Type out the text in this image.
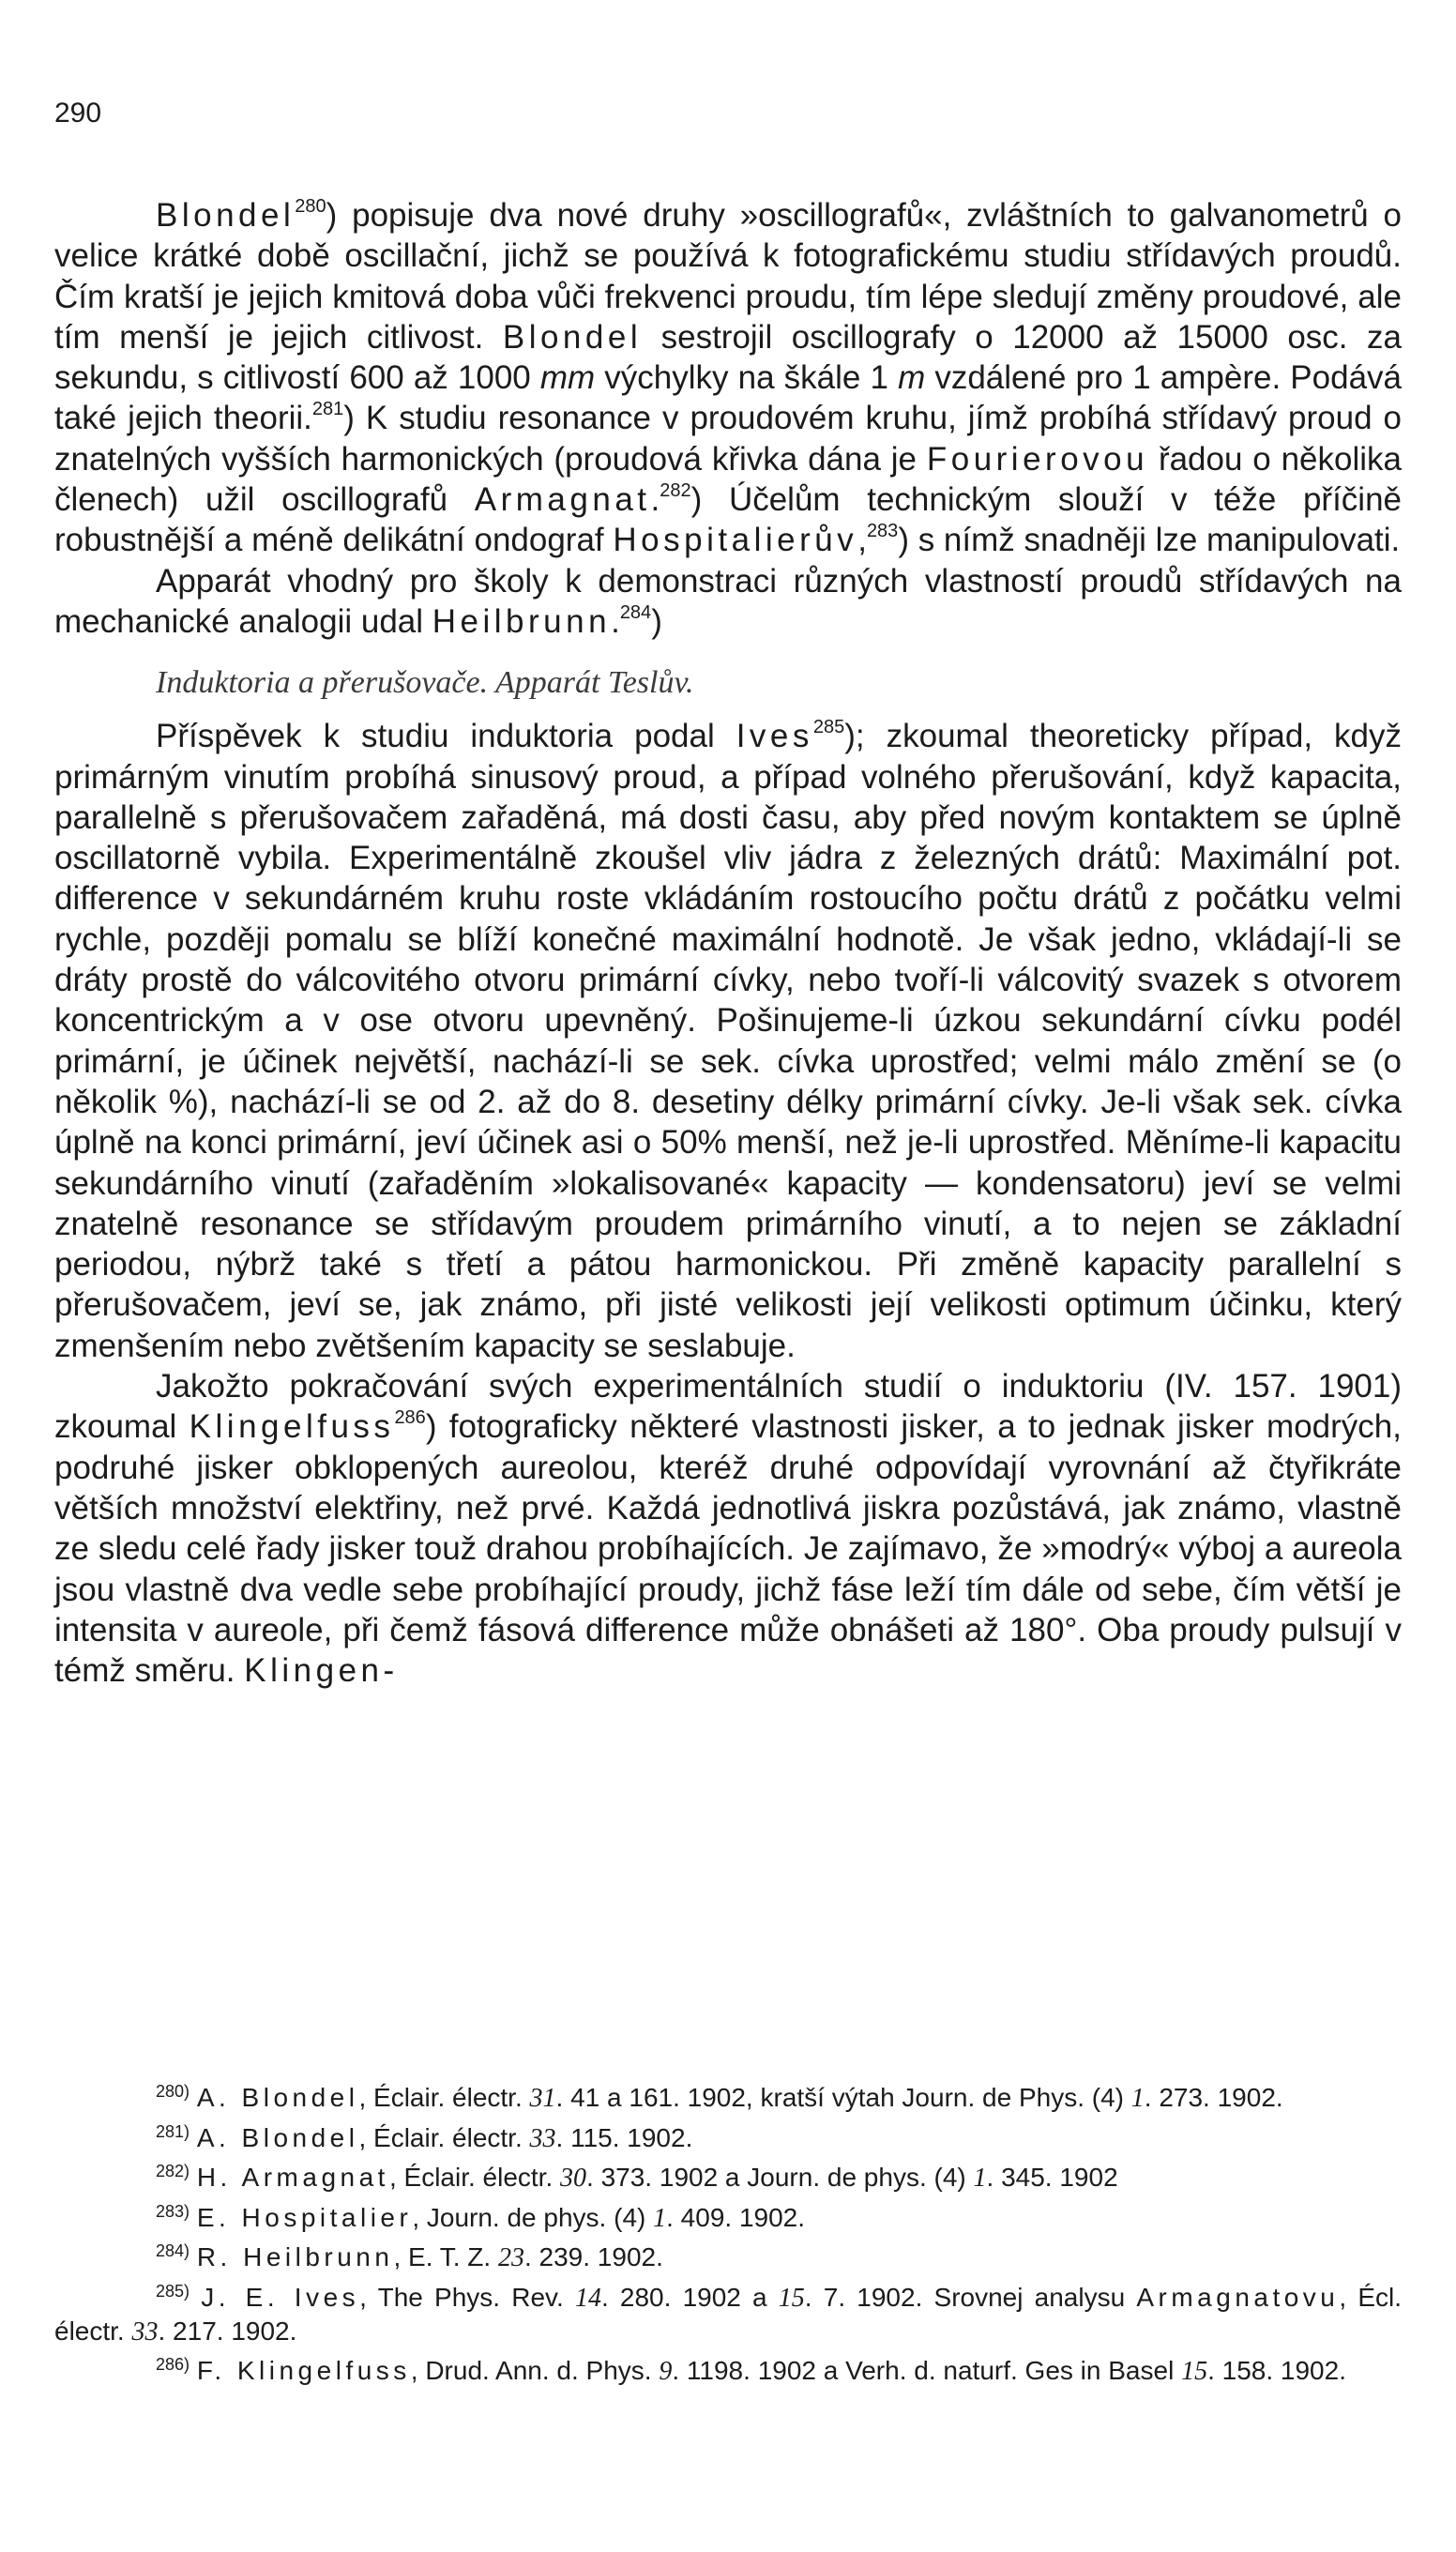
290

Blondel$^{280}$) popisuje dva nové druhy »oscillografů«, zvláštních to galvanometrů o velice krátké době oscillační, jichž se používá k fotografickému studiu střídavých proudů. Čím kratší je jejich kmitová doba vůči frekvenci proudu, tím lépe sledují změny proudové, ale tím menší je jejich citlivost. Blondel sestrojil oscillografy o 12000 až 15000 osc. za sekundu, s citlivostí 600 až 1000 mm výchylky na škále 1 m vzdálené pro 1 ampère. Podává také jejich theorii.$^{281}$) K studiu resonance v proudovém kruhu, jímž probíhá střídavý proud o znatelných vyšších harmonických (proudová křivka dána je Fourierovou řadou o několika členech) užil oscillografů Armagnat.$^{282}$) Účelům technickým slouží v téže příčině robustnější a méně delikátní ondograf Hospitalierův,$^{283}$) s nímž snadněji lze manipulovati.

Apparát vhodný pro školy k demonstraci různých vlastností proudů střídavých na mechanické analogii udal Heilbrunn.$^{284}$)

Induktoria a přerušovače. Apparát Teslův.

Příspěvek k studiu induktoria podal Ives$^{285}$); zkoumal theoreticky případ, když primárným vinutím probíhá sinusový proud, a případ volného přerušování, když kapacita, parallelně s přerušovačem zařaděná, má dosti času, aby před novým kontaktem se úplně oscillatorně vybila. Experimentálně zkoušel vliv jádra z železných drátů: Maximální pot. difference v sekundárném kruhu roste vkládáním rostoucího počtu drátů z počátku velmi rychle, později pomalu se blíží konečné maximální hodnotě. Je však jedno, vkládají-li se dráty prostě do válcovitého otvoru primární cívky, nebo tvoří-li válcovitý svazek s otvorem koncentrickým a v ose otvoru upevněný. Pošinujeme-li úzkou sekundární cívku podél primární, je účinek největší, nachází-li se sek. cívka uprostřed; velmi málo změní se (o několik %), nachází-li se od 2. až do 8. desetiny délky primární cívky. Je-li však sek. cívka úplně na konci primární, jeví účinek asi o 50% menší, než je-li uprostřed. Měníme-li kapacitu sekundárního vinutí (zařaděním »lokalisované« kapacity — kondensatoru) jeví se velmi znatelně resonance se střídavým proudem primárního vinutí, a to nejen se základní periodou, nýbrž také s třetí a pátou harmonickou. Při změně kapacity parallelní s přerušovačem, jeví se, jak známo, při jisté velikosti její velikosti optimum účinku, který zmenšením nebo zvětšením kapacity se seslabuje.

Jakožto pokračování svých experimentálních studií o induktoriu (IV. 157. 1901) zkoumal Klingelfuss$^{286}$) fotograficky některé vlastnosti jisker, a to jednak jisker modrých, podruhé jisker obklopených aureolou, kteréž druhé odpovídají vyrovnání až čtyřikráte větších množství elektřiny, než prvé. Každá jednotlivá jiskra pozůstává, jak známo, vlastně ze sledu celé řady jisker touž drahou probíhajících. Je zajímavo, že »modrý« výboj a aureola jsou vlastně dva vedle sebe probíhající proudy, jichž fáse leží tím dále od sebe, čím větší je intensita v aureole, při čemž fásová difference může obnášeti až 180°. Oba proudy pulsují v témž směru. Klingen-

$^{280)}$ A. Blondel, Éclair. électr. 31. 41 a 161. 1902, kratší výtah Journ. de Phys. (4) 1. 273. 1902.

$^{281)}$ A. Blondel, Éclair. électr. 33. 115. 1902.

$^{282)}$ H. Armagnat, Éclair. électr. 30. 373. 1902 a Journ. de phys. (4) 1. 345. 1902

$^{283)}$ E. Hospitalier, Journ. de phys. (4) 1. 409. 1902.

$^{284)}$ R. Heilbrunn, E. T. Z. 23. 239. 1902.

$^{285)}$ J. E. Ives, The Phys. Rev. 14. 280. 1902 a 15. 7. 1902. Srovnej analysu Armagnatovu, Écl. électr. 33. 217. 1902.

$^{286)}$ F. Klingelfuss, Drud. Ann. d. Phys. 9. 1198. 1902 a Verh. d. naturf. Ges in Basel 15. 158. 1902.
